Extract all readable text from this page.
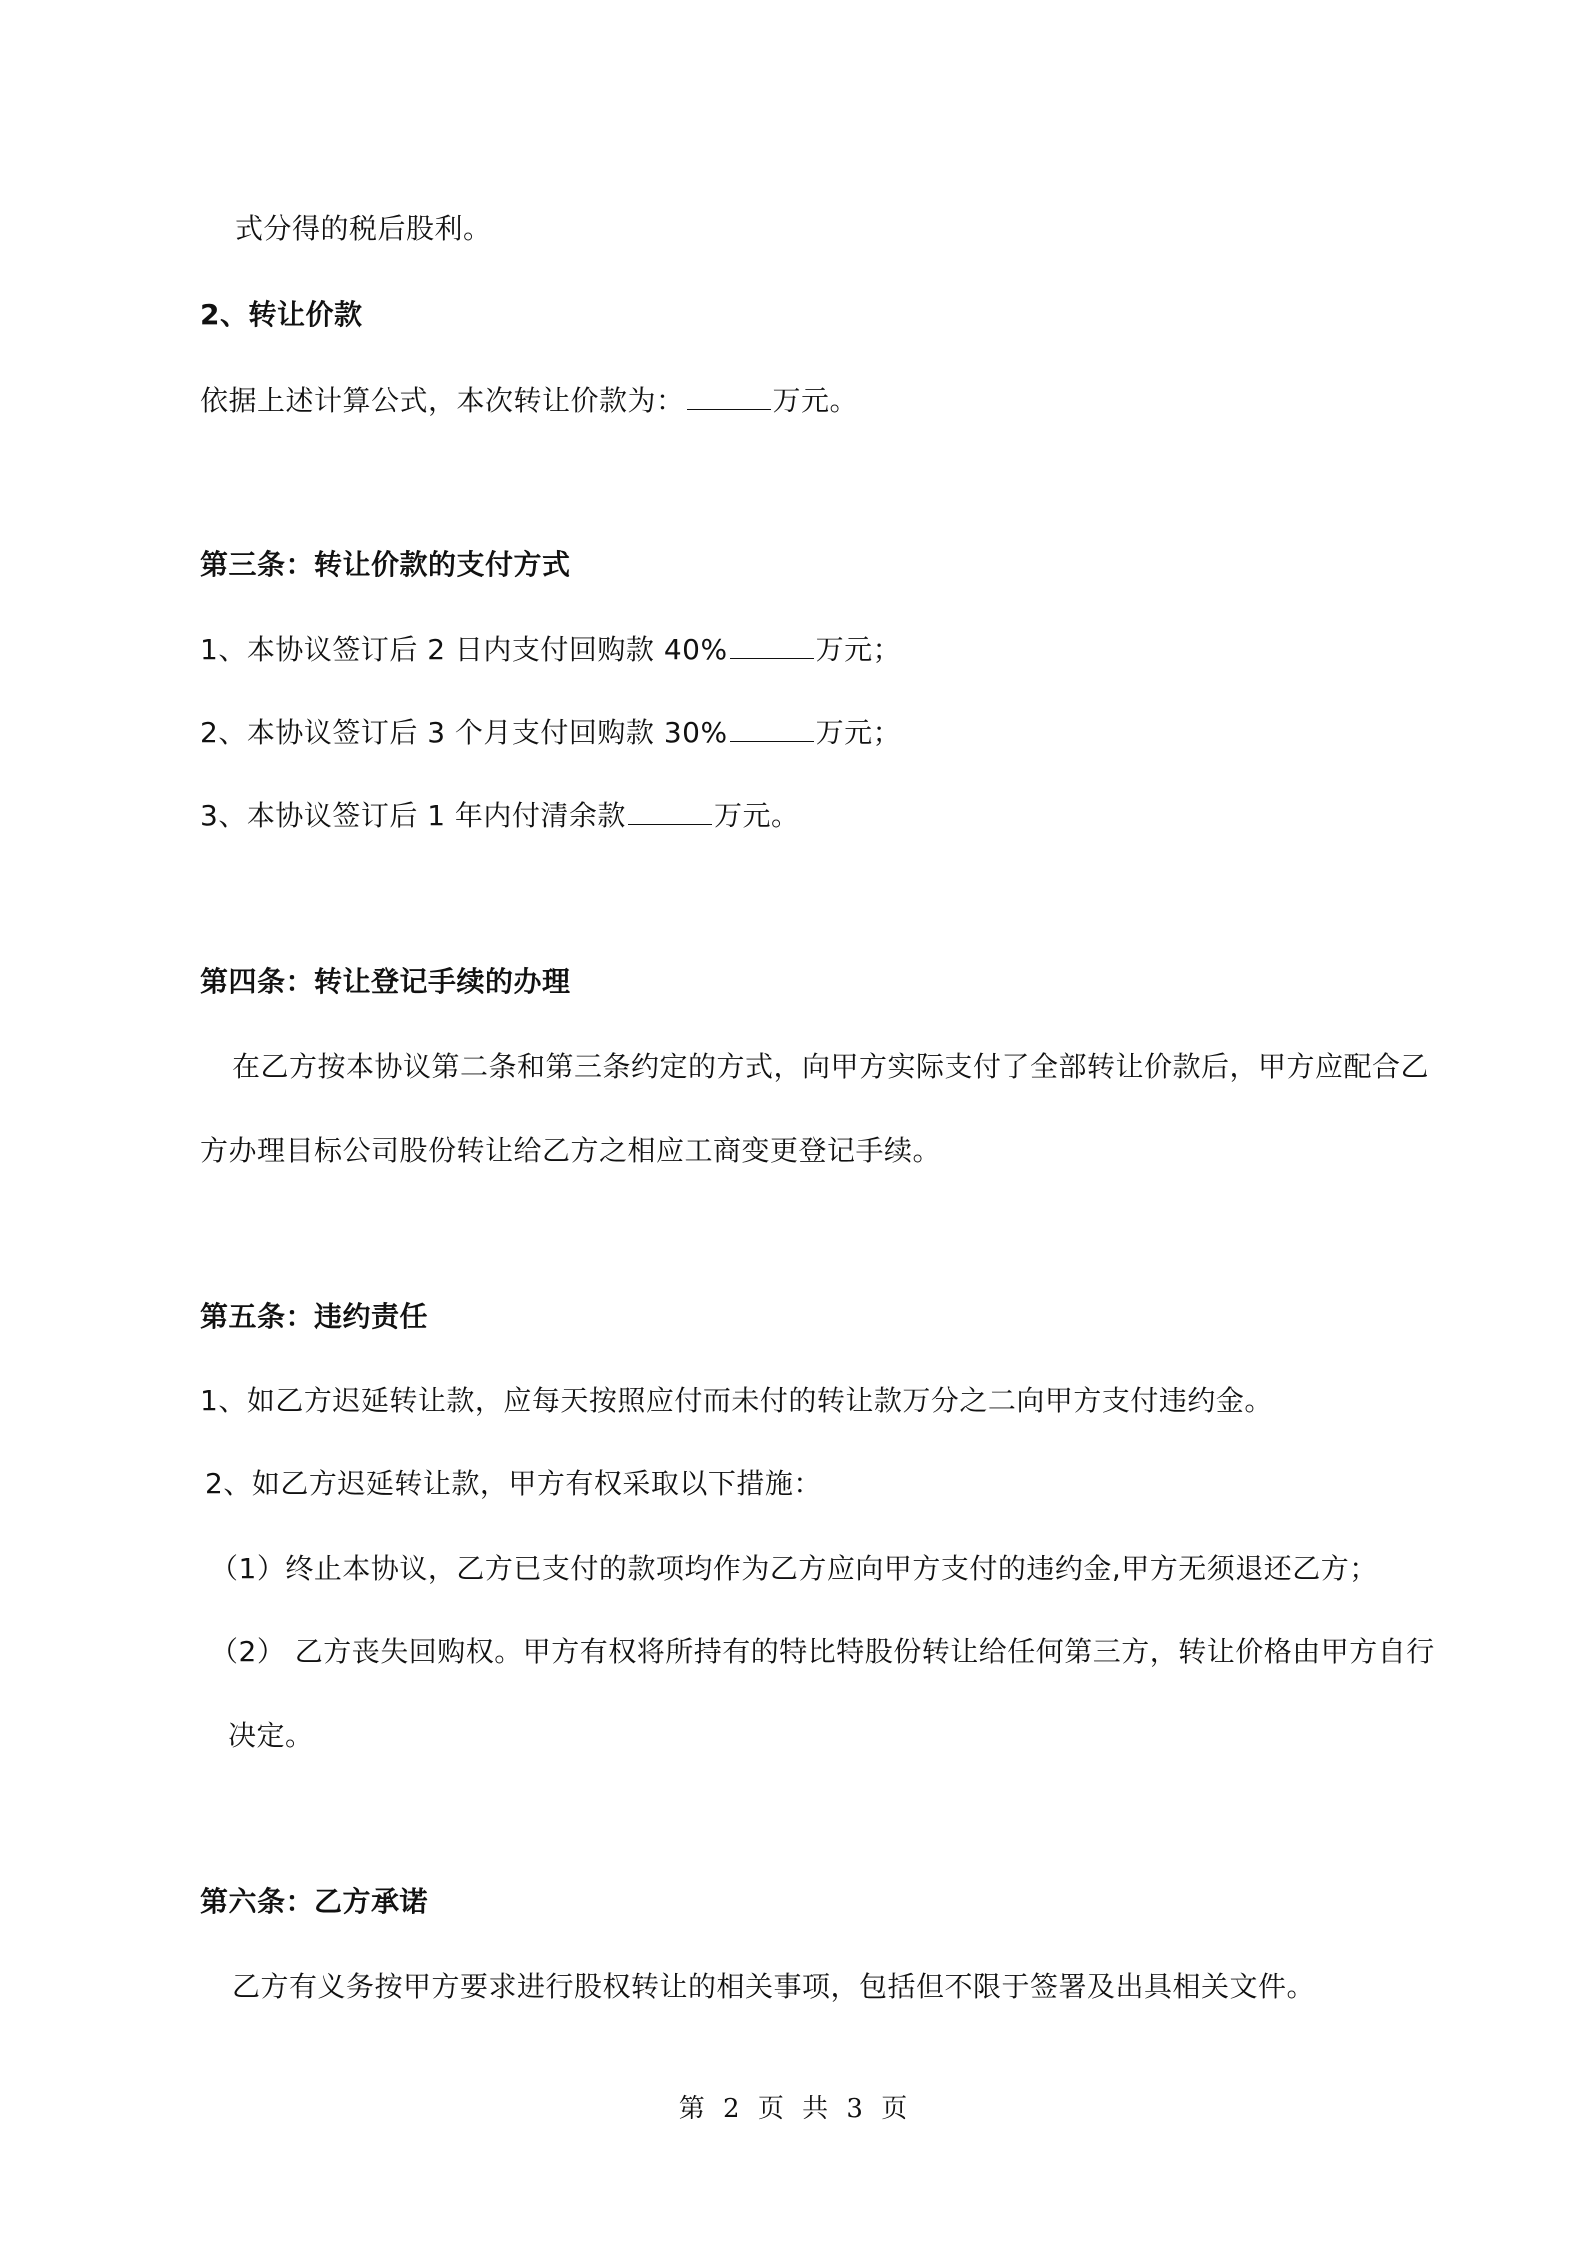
式分得的税后股利。
2、转让价款
依据上述计算公式，本次转让价款为：	万元。
第三条：转让价款的支付方式
1、本协议签订后 2 日内支付回购款 40%	万元；
2、本协议签订后 3 个月支付回购款 30%	万元；
3、本协议签订后 1 年内付清余款	万元。
第四条：转让登记手续的办理
在乙方按本协议第二条和第三条约定的方式，向甲方实际支付了全部转让价款后，甲方应配合乙
方办理目标公司股份转让给乙方之相应工商变更登记手续。
第五条：违约责任
1、如乙方迟延转让款，应每天按照应付而未付的转让款万分之二向甲方支付违约金。
2、如乙方迟延转让款，甲方有权采取以下措施：
（1）终止本协议，乙方已支付的款项均作为乙方应向甲方支付的违约金,甲方无须退还乙方；
（2） 乙方丧失回购权。甲方有权将所持有的特比特股份转让给任何第三方，转让价格由甲方自行
决定。
第六条：乙方承诺
乙方有义务按甲方要求进行股权转让的相关事项，包括但不限于签署及出具相关文件。
第 2 页 共 3 页
